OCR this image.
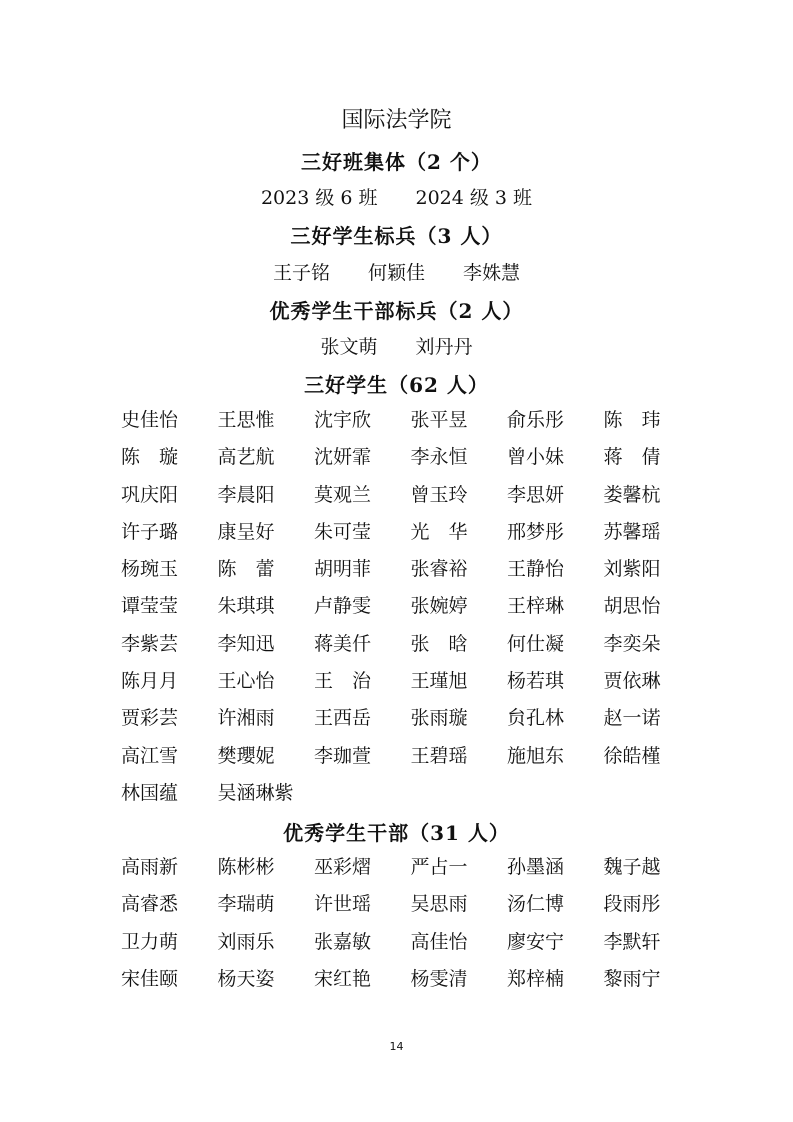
国际法学院
三好班集体（2 个）
2023 级 6 班 2024 级 3 班
三好学生标兵（3 人）
王子铭 何颖佳 李姝慧
优秀学生干部标兵（2 人）
张文萌 刘丹丹
三好学生（62 人）
史佳怡 王思惟 沈宇欣 张平昱 俞乐彤 陈　玮
陈　璇 高艺航 沈妍霏 李永恒 曾小妹 蒋　倩
巩庆阳 李晨阳 莫观兰 曾玉玲 李思妍 娄馨杭
许子璐 康呈好 朱可莹 光　华 邢梦彤 苏馨瑶
杨琬玉 陈　蕾 胡明菲 张睿裕 王静怡 刘紫阳
谭莹莹 朱琪琪 卢静雯 张婉婷 王梓琳 胡思怡
李紫芸 李知迅 蒋美仟 张　晗 何仕凝 李奕朵
陈月月 王心怡 王　治 王瑾旭 杨若琪 贾依琳
贾彩芸 许湘雨 王西岳 张雨璇 贠孔林 赵一诺
高江雪 樊瓔妮 李珈萱 王碧瑶 施旭东 徐皓槿
林国蕴 吴涵琳紫
优秀学生干部（31 人）
高雨新 陈彬彬 巫彩熠 严占一 孙墨涵 魏子越
高睿悉 李瑞萌 许世瑶 吴思雨 汤仁博 段雨彤
卫力萌 刘雨乐 张嘉敏 高佳怡 廖安宁 李默轩
宋佳颐 杨天姿 宋红艳 杨雯清 郑梓楠 黎雨宁
14
